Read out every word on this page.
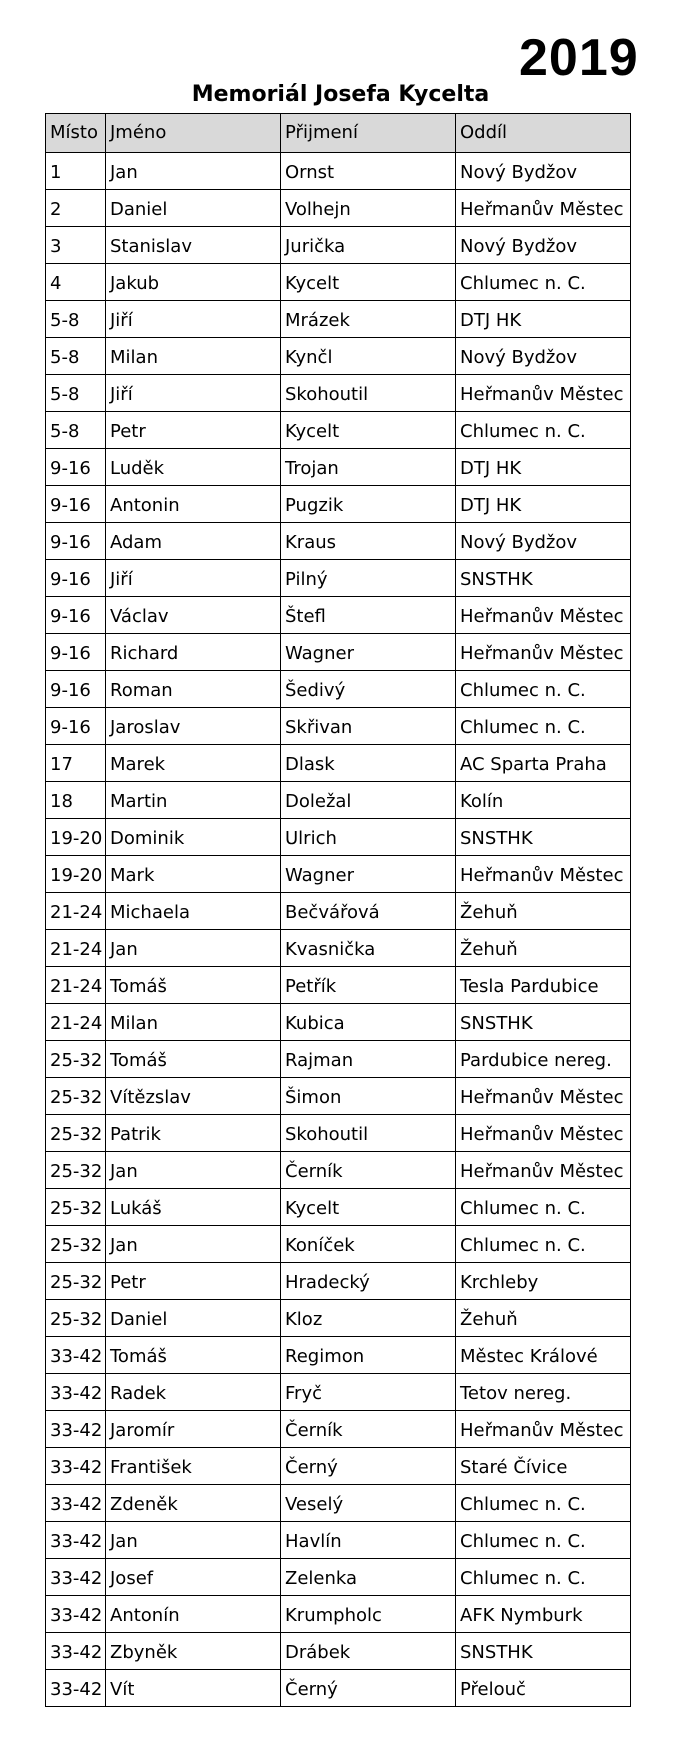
2019
Memoriál Josefa Kycelta
Místo	Jméno	Přijmení	Oddíl
1	Jan	Ornst	Nový Bydžov
2	Daniel	Volhejn	Heřmanův Městec
3	Stanislav	Jurička	Nový Bydžov
4	Jakub	Kycelt	Chlumec n. C.
5-8	Jiří	Mrázek	DTJ HK
5-8	Milan	Kynčl	Nový Bydžov
5-8	Jiří	Skohoutil	Heřmanův Městec
5-8	Petr	Kycelt	Chlumec n. C.
9-16	Luděk	Trojan	DTJ HK
9-16	Antonin	Pugzik	DTJ HK
9-16	Adam	Kraus	Nový Bydžov
9-16	Jiří	Pilný	SNSTHK
9-16	Václav	Štefl	Heřmanův Městec
9-16	Richard	Wagner	Heřmanův Městec
9-16	Roman	Šedivý	Chlumec n. C.
9-16	Jaroslav	Skřivan	Chlumec n. C.
17	Marek	Dlask	AC Sparta Praha
18	Martin	Doležal	Kolín
19-20	Dominik	Ulrich	SNSTHK
19-20	Mark	Wagner	Heřmanův Městec
21-24	Michaela	Bečvářová	Žehuň
21-24	Jan	Kvasnička	Žehuň
21-24	Tomáš	Petřík	Tesla Pardubice
21-24	Milan	Kubica	SNSTHK
25-32	Tomáš	Rajman	Pardubice nereg.
25-32	Vítězslav	Šimon	Heřmanův Městec
25-32	Patrik	Skohoutil	Heřmanův Městec
25-32	Jan	Černík	Heřmanův Městec
25-32	Lukáš	Kycelt	Chlumec n. C.
25-32	Jan	Koníček	Chlumec n. C.
25-32	Petr	Hradecký	Krchleby
25-32	Daniel	Kloz	Žehuň
33-42	Tomáš	Regimon	Městec Králové
33-42	Radek	Fryč	Tetov nereg.
33-42	Jaromír	Černík	Heřmanův Městec
33-42	František	Černý	Staré Čívice
33-42	Zdeněk	Veselý	Chlumec n. C.
33-42	Jan	Havlín	Chlumec n. C.
33-42	Josef	Zelenka	Chlumec n. C.
33-42	Antonín	Krumpholc	AFK Nymburk
33-42	Zbyněk	Drábek	SNSTHK
33-42	Vít	Černý	Přelouč
